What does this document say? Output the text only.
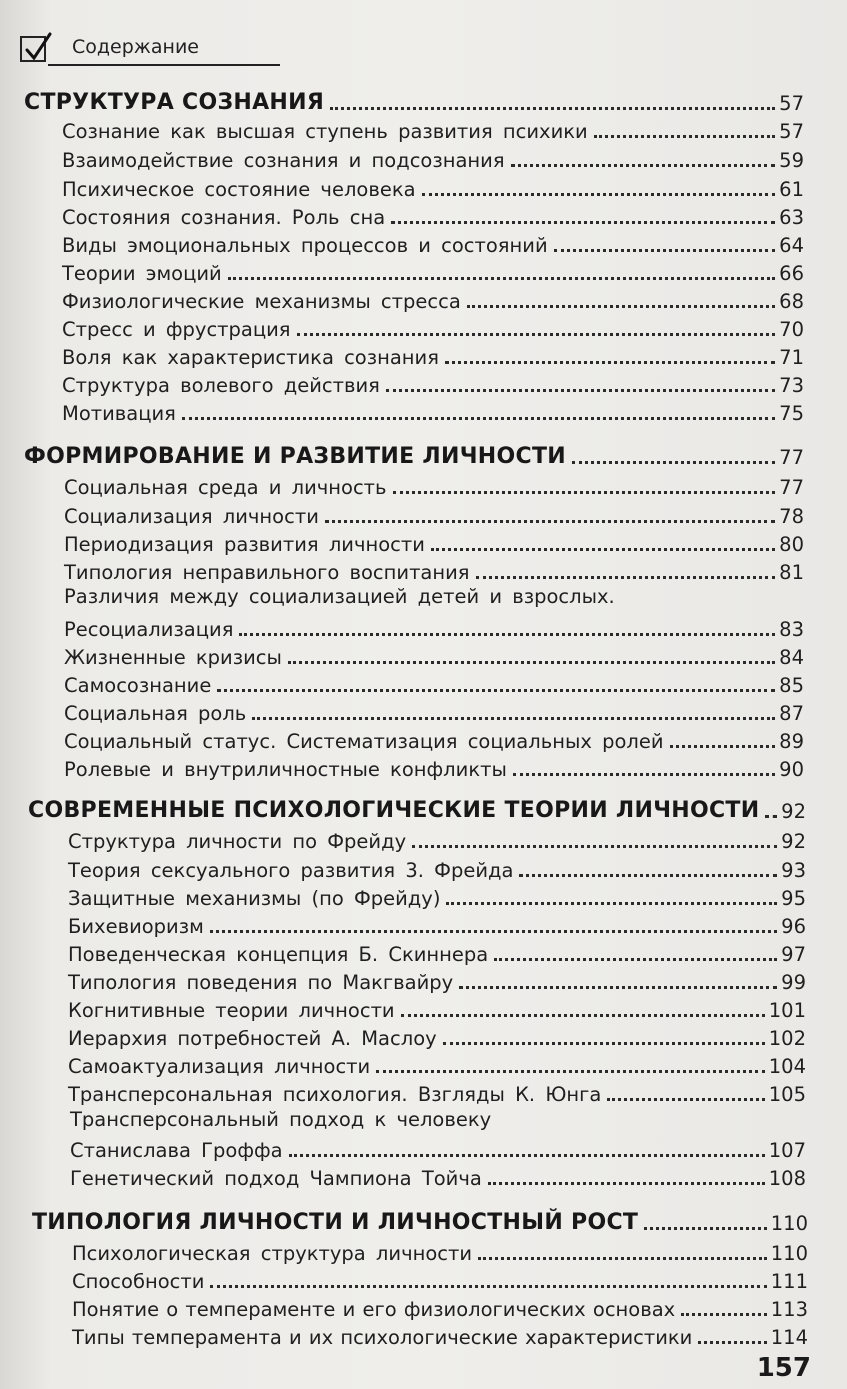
Содержание
СТРУКТУРА СОЗНАНИЯ	57
Сознание как высшая ступень развития психики	57
Взаимодействие сознания и подсознания	59
Психическое состояние человека	61
Состояния сознания. Роль сна	63
Виды эмоциональных процессов и состояний	64
Теории эмоций	66
Физиологические механизмы стресса	68
Стресс и фрустрация	70
Воля как характеристика сознания	71
Структура волевого действия	73
Мотивация	75
ФОРМИРОВАНИЕ И РАЗВИТИЕ ЛИЧНОСТИ	77
Социальная среда и личность	77
Социализация личности	78
Периодизация развития личности	80
Типология неправильного воспитания	81
Различия между социализацией детей и взрослых.
Ресоциализация	83
Жизненные кризисы	84
Самосознание	85
Социальная роль	87
Социальный статус. Систематизация социальных ролей	89
Ролевые и внутриличностные конфликты	90
СОВРЕМЕННЫЕ ПСИХОЛОГИЧЕСКИЕ ТЕОРИИ ЛИЧНОСТИ 92
Структура личности по Фрейду	92
Теория сексуального развития 3. Фрейда	93
Защитные механизмы (по Фрейду)	95
Бихевиоризм	96
Поведенческая концепция Б. Скиннера	97
Типология поведения по Макгвайру	99
Когнитивные теории личности	101
Иерархия потребностей А. Маслоу	102
Самоактуализация личности	104
Трансперсональная психология. Взгляды К. Юнга	105
Трансперсональный подход к человеку
Станислава Гроффа	107
Генетический подход Чампиона Тойча	108
ТИПОЛОГИЯ ЛИЧНОСТИ И ЛИЧНОСТНЫЙ РОСТ	110
Психологическая структура личности	110
Способности	111
Понятие о темпераменте и его физиологических основах	113
Типы темперамента и их психологические характеристики	114
157
